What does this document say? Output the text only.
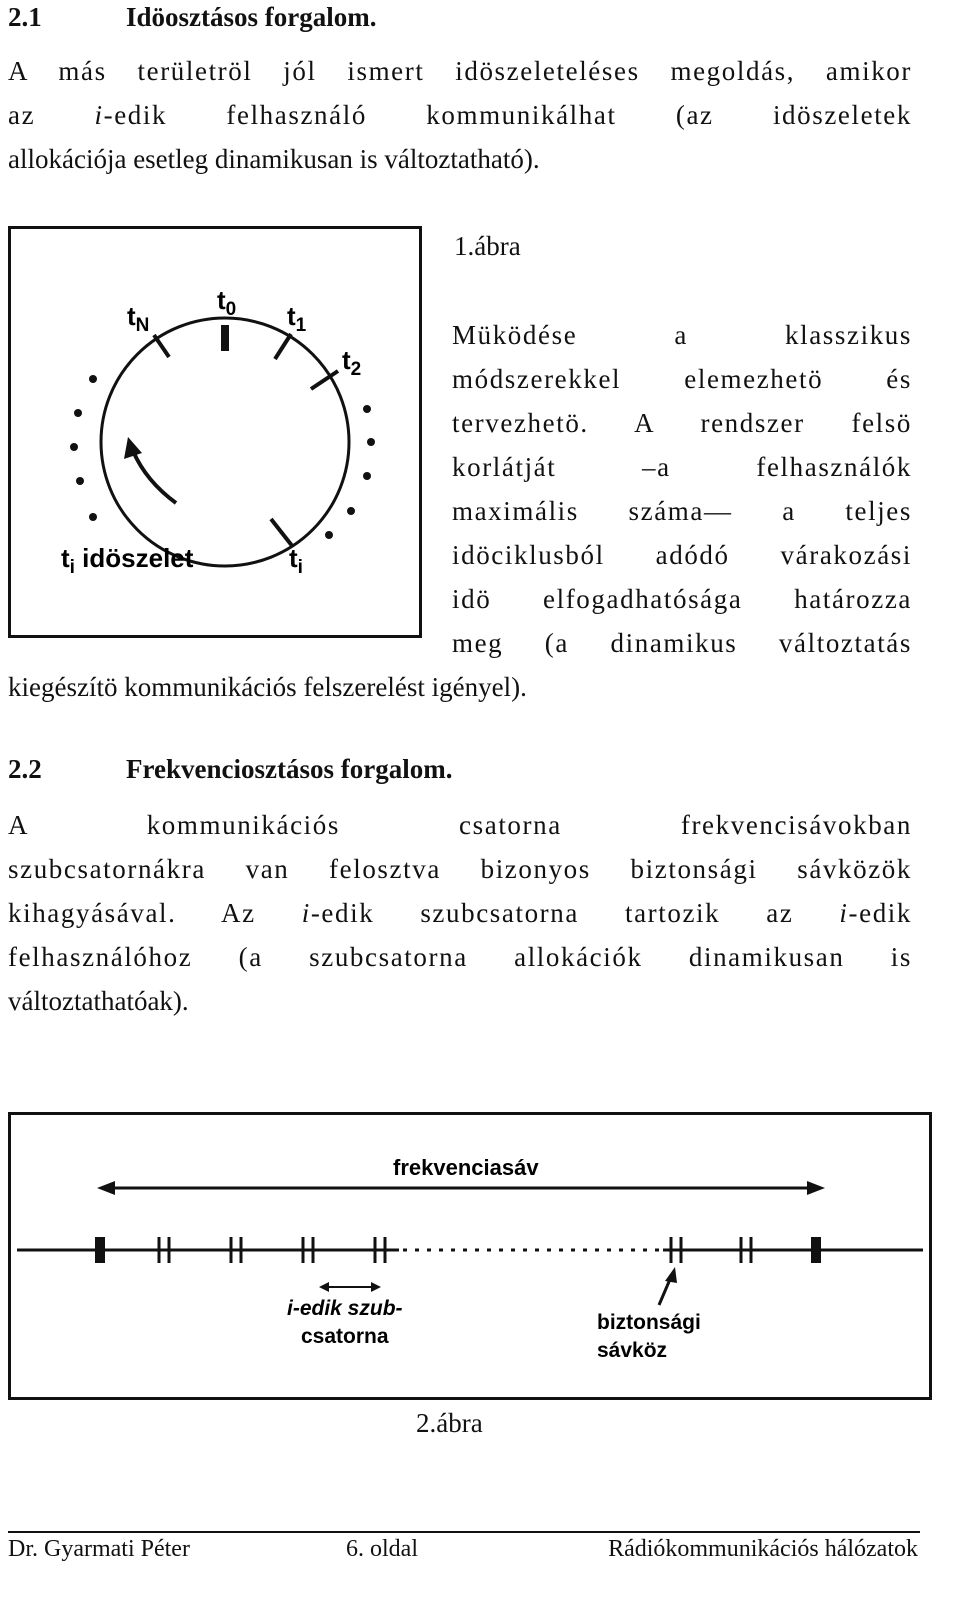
2.1	Idöosztásos forgalom.
A más területröl jól ismert idöszeleteléses megoldás, amikor
az i-edik felhasználó kommunikálhat (az idöszeletek
allokációja esetleg dinamikusan is változtatható).
$t_N$
$t_0$ $t_1$
$t_2$
$t_i$
$t_i$ idöszelet
1.ábra
Müködése a klasszikus
módszerekkel elemezhetö és
tervezhetö. A rendszer felsö
korlátját –a felhasználók
maximális száma— a teljes
idöciklusból adódó várakozási
idö elfogadhatósága határozza
meg (a dinamikus változtatás
kiegészítö kommunikációs felszerelést igényel).
2.2	Frekvenciosztásos forgalom.
A kommunikációs csatorna frekvencisávokban
szubcsatornákra van felosztva bizonyos biztonsági sávközök
kihagyásával. Az i-edik szubcsatorna tartozik az i-edik
felhasználóhoz (a szubcsatorna allokációk dinamikusan is
változtathatóak).
frekvenciasáv
i-edik szub-
csatorna
biztonsági
sávköz
2.ábra
Dr. Gyarmati Péter	6. oldal	Rádiókommunikációs hálózatok
